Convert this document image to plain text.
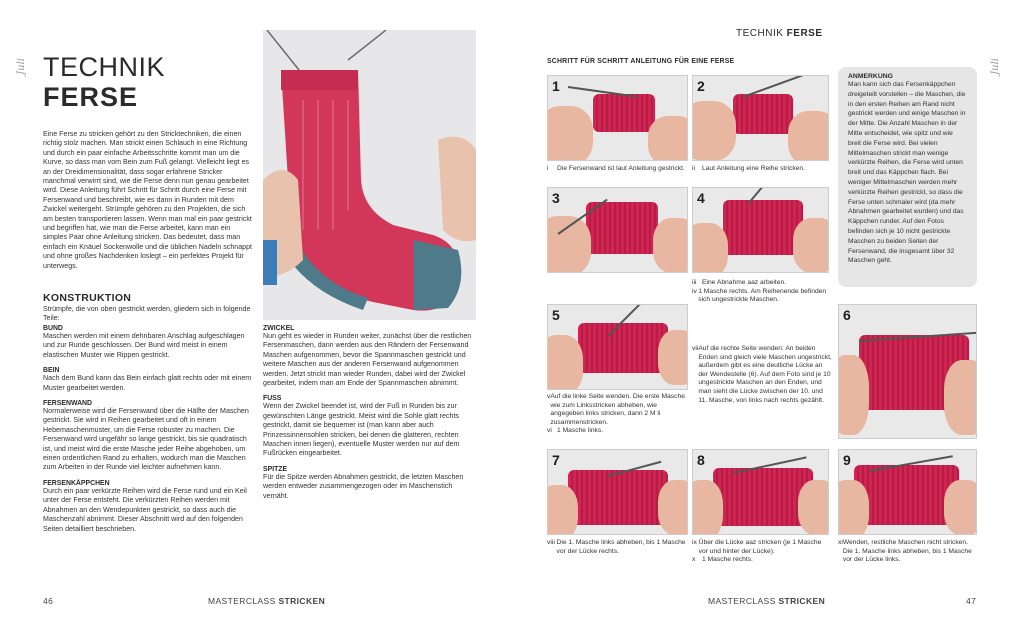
Juli TECHNIK
FERSE
Eine Ferse zu stricken gehört zu den Stricktechniken, die einen richtig stolz machen. Man strickt einen Schlauch in eine Richtung und durch ein paar einfache Arbeitsschritte kommt man um die Kurve, so dass man vom Bein zum Fuß gelangt. Vielleicht liegt es an der Dreidimensionalität, dass sogar erfahrene Stricker manchmal verwirrt sind, wie die Ferse denn nun genau gearbeitet wird. Diese Anleitung führt Schritt für Schritt durch eine Ferse mit Fersenwand und beschreibt, wie es dann in Runden mit dem Zwickel weitergeht. Strümpfe gehören zu den Projekten, die sich am besten transportieren lassen. Wenn man mal ein paar gestrickt und begriffen hat, wie man die Ferse arbeitet, kann man ein simples Paar ohne Anleitung stricken. Das bedeutet, dass man einfach ein Knäuel Sockenwolle und die üblichen Nadeln schnappt und ohne großes Nachdenken loslegt – ein perfektes Projekt für unterwegs.
KONSTRUKTION
Strümpfe, die von oben gestrickt werden, gliedern sich in folgende Teile:
BUND
Maschen werden mit einem dehnbaren Anschlag aufgeschlagen und zur Runde geschlossen. Der Bund wird meist in einem elastischen Muster wie Rippen gestrickt.
BEIN
Nach dem Bund kann das Bein einfach glatt rechts oder mit einem Muster gearbeitet werden.
FERSENWAND
Normalerweise wird die Fersenwand über die Hälfte der Maschen gestrickt. Sie wird in Reihen gearbeitet und oft in einem Hebemaschenmuster, um die Ferse robuster zu machen. Die Fersenwand wird ungefähr so lange gestrickt, bis sie quadratisch ist, und meist wird die erste Masche jeder Reihe abgehoben, um einen ordentlichen Rand zu erhalten, wodurch man die Maschen zum Arbeiten in der Runde viel leichter aufnehmen kann.
FERSENKÄPPCHEN
Durch ein paar verkürzte Reihen wird die Ferse rund und ein Keil unter der Ferse entsteht. Die verkürzten Reihen werden mit Abnahmen an den Wendepunkten gestrickt, so dass auch die Maschenzahl abnimmt. Dieser Abschnitt wird auf den folgenden Seiten detailliert beschrieben.
ZWICKEL
Nun geht es wieder in Runden weiter, zunächst über die restlichen Fersenmaschen, dann werden aus den Rändern der Fersenwand Maschen aufgenommen, bevor die Spannmaschen gestrickt und weitere Maschen aus der anderen Fersenwand aufgenommen werden. Jetzt strickt man wieder Runden, dabei wird der Zwickel gearbeitet, indem man am Ende der Spannmaschen abnimmt.
FUSS
Wenn der Zwickel beendet ist, wird der Fuß in Runden bis zur gewünschten Länge gestrickt. Meist wird die Sohle glatt rechts gestrickt, damit sie bequemer ist (man kann aber auch Prinzessinnensohlen stricken, bei denen die glatteren, rechten Maschen innen liegen), eventuelle Muster werden nur auf dem Fußrücken eingearbeitet.
SPITZE
Für die Spitze werden Abnahmen gestrickt, die letzten Maschen werden entweder zusammengezogen oder im Maschenstich vernäht.
46	MASTERCLASS STRICKEN
TECHNIK FERSE
Juli
SCHRITT FÜR SCHRITT ANLEITUNG FÜR EINE FERSE
1	2
i Die Fersenwand ist laut Anleitung gestrickt.	ii Laut Anleitung eine Reihe stricken.
3	4
iii Eine Abnahme aaz arbeiten.
iv 1 Masche rechts. Am Reihenende befinden sich ungestrickte Maschen.
ANMERKUNG
Man kann sich das Fersenkäppchen dreigeteilt vorstellen – die Maschen, die in den ersten Reihen am Rand nicht gestrickt werden und einige Maschen in der Mitte. Die Anzahl Maschen in der Mitte entscheidet, wie spitz und wie breit die Ferse wird. Bei vielen Mittelmaschen strickt man wenige verkürzte Reihen, die Ferse wird unten breit und das Käppchen flach. Bei weniger Mittelmaschen werden mehr verkürzte Reihen gestrickt, so dass die Ferse unten schmaler wird (da mehr Abnahmen gearbeitet wurden) und das Käppchen runder. Auf den Fotos befinden sich je 10 nicht gestrickte Maschen zu beiden Seiten der Fersenwand, die insgesamt über 32 Maschen geht.
5
v Auf die linke Seite wenden. Die erste Masche wie zum Linksstricken abheben, wie angegeben links stricken, dann 2 M li zusammenstricken.
vi 1 Masche links.
vii Auf die rechte Seite wenden: An beiden Enden sind gleich viele Maschen ungestrickt, außerdem gibt es eine deutliche Lücke an der Wendestelle (6). Auf dem Foto sind je 10 ungestrickte Maschen an den Enden, und man sieht die Lücke zwischen der 10. und 11. Masche, von links nach rechts gezählt.
6
7	8	9
viii Die 1. Masche links abheben, bis 1 Masche vor der Lücke rechts.
ix Über die Lücke aaz stricken (je 1 Masche vor und hinter der Lücke).
x 1 Masche rechts.
xi Wenden, restliche Maschen nicht stricken. Die 1. Masche links abheben, bis 1 Masche vor der Lücke links.
MASTERCLASS STRICKEN	47
